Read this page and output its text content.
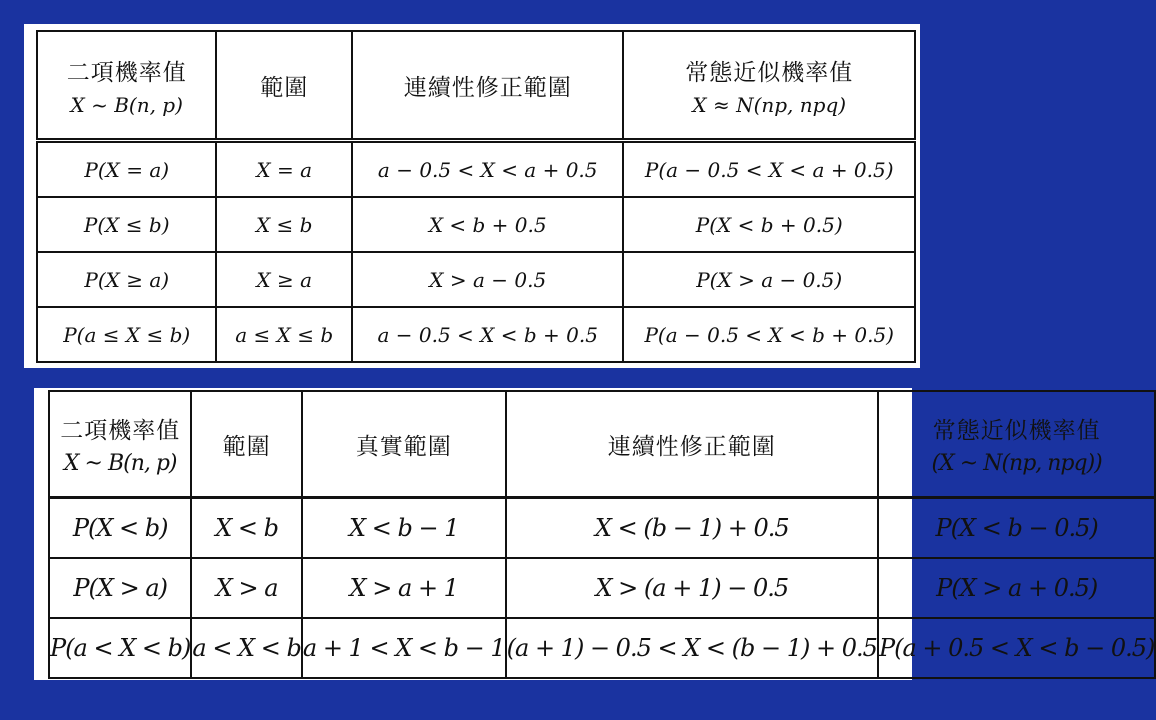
二項機率值
X ~ B(n, p)	範圍	連續性修正範圍	常態近似機率值
X ≈ N(np, npq)

P(X = a)	X = a	a − 0.5 < X < a + 0.5	P(a − 0.5 < X < a + 0.5)
P(X ≤ b)	X ≤ b	X < b + 0.5	P(X < b + 0.5)
P(X ≥ a)	X ≥ a	X > a − 0.5	P(X > a − 0.5)
P(a ≤ X ≤ b)	a ≤ X ≤ b	a − 0.5 < X < b + 0.5	P(a − 0.5 < X < b + 0.5)
二項機率值
X ~ B(n, p)	範圍	真實範圍	連續性修正範圍	常態近似機率值
(X ~ N(np, npq))

P(X < b)	X < b	X < b − 1	X < (b − 1) + 0.5	P(X < b − 0.5)
P(X > a)	X > a	X > a + 1	X > (a + 1) − 0.5	P(X > a + 0.5)
P(a < X < b)	a < X < b	a + 1 < X < b − 1	(a + 1) − 0.5 < X < (b − 1) + 0.5	P(a + 0.5 < X < b − 0.5)
